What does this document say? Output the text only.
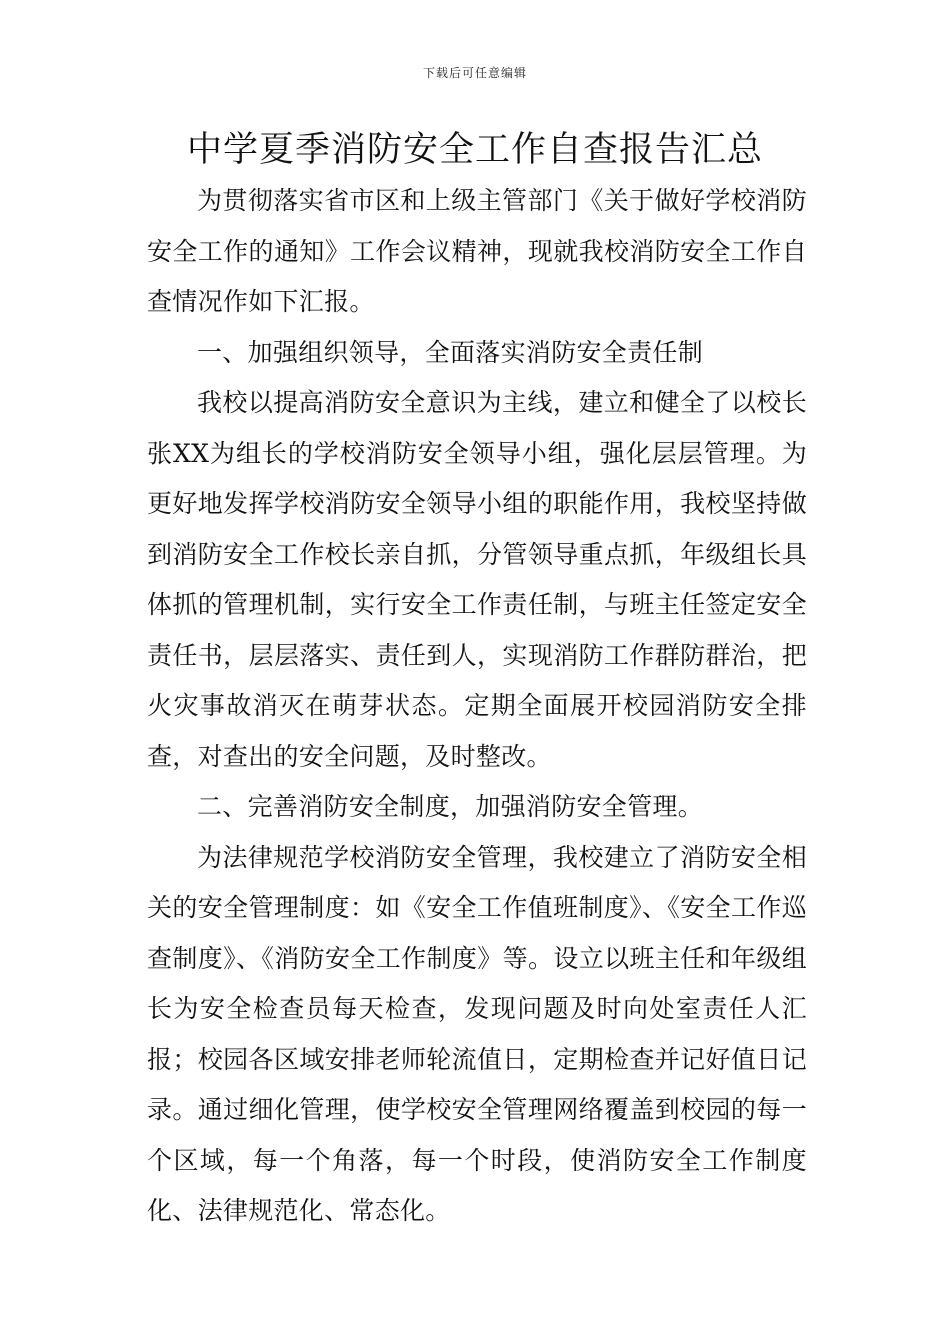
下载后可任意编辑
中学夏季消防安全工作自查报告汇总

为贯彻落实省市区和上级主管部门《关于做好学校消防安全工作的通知》工作会议精神，现就我校消防安全工作自查情况作如下汇报。

一、加强组织领导，全面落实消防安全责任制

我校以提高消防安全意识为主线，建立和健全了以校长张XX为组长的学校消防安全领导小组，强化层层管理。为更好地发挥学校消防安全领导小组的职能作用，我校坚持做到消防安全工作校长亲自抓，分管领导重点抓，年级组长具体抓的管理机制，实行安全工作责任制，与班主任签定安全责任书，层层落实、责任到人，实现消防工作群防群治，把火灾事故消灭在萌芽状态。定期全面展开校园消防安全排查，对查出的安全问题，及时整改。

二、完善消防安全制度，加强消防安全管理。

为法律规范学校消防安全管理，我校建立了消防安全相关的安全管理制度：如《安全工作值班制度》、《安全工作巡查制度》、《消防安全工作制度》等。设立以班主任和年级组长为安全检查员每天检查，发现问题及时向处室责任人汇报；校园各区域安排老师轮流值日，定期检查并记好值日记录。通过细化管理，使学校安全管理网络覆盖到校园的每一个区域，每一个角落，每一个时段，使消防安全工作制度化、法律规范化、常态化。
